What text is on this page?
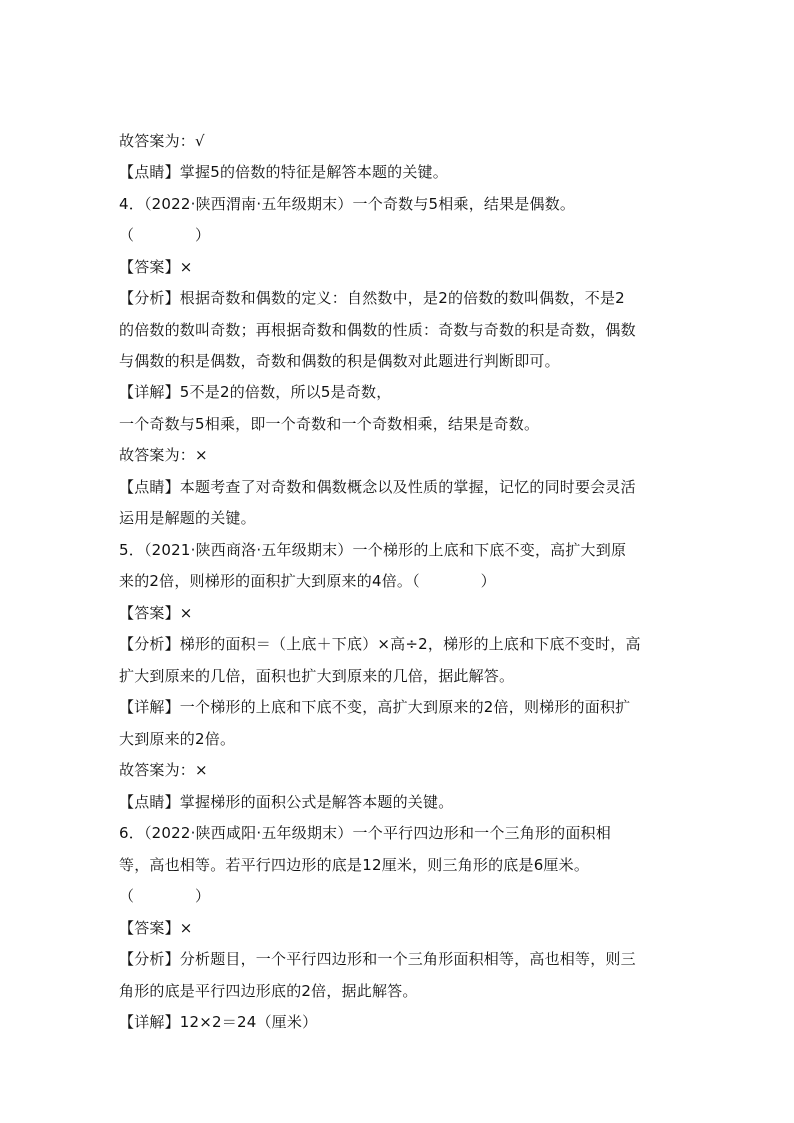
故答案为：√
【点睛】掌握5的倍数的特征是解答本题的关键。
4．（2022·陕西渭南·五年级期末）一个奇数与5相乘，结果是偶数。
（　　　　）
【答案】×
【分析】根据奇数和偶数的定义：自然数中，是2的倍数的数叫偶数，不是2
的倍数的数叫奇数；再根据奇数和偶数的性质：奇数与奇数的积是奇数，偶数
与偶数的积是偶数，奇数和偶数的积是偶数对此题进行判断即可。
【详解】5不是2的倍数，所以5是奇数，
一个奇数与5相乘，即一个奇数和一个奇数相乘，结果是奇数。
故答案为：×
【点睛】本题考查了对奇数和偶数概念以及性质的掌握，记忆的同时要会灵活
运用是解题的关键。
5．（2021·陕西商洛·五年级期末）一个梯形的上底和下底不变，高扩大到原
来的2倍，则梯形的面积扩大到原来的4倍。（　　　　）
【答案】×
【分析】梯形的面积＝（上底＋下底）×高÷2，梯形的上底和下底不变时，高
扩大到原来的几倍，面积也扩大到原来的几倍，据此解答。
【详解】一个梯形的上底和下底不变，高扩大到原来的2倍，则梯形的面积扩
大到原来的2倍。
故答案为：×
【点睛】掌握梯形的面积公式是解答本题的关键。
6．（2022·陕西咸阳·五年级期末）一个平行四边形和一个三角形的面积相
等，高也相等。若平行四边形的底是12厘米，则三角形的底是6厘米。
（　　　　）
【答案】×
【分析】分析题目，一个平行四边形和一个三角形面积相等，高也相等，则三
角形的底是平行四边形底的2倍，据此解答。
【详解】12×2＝24（厘米）
